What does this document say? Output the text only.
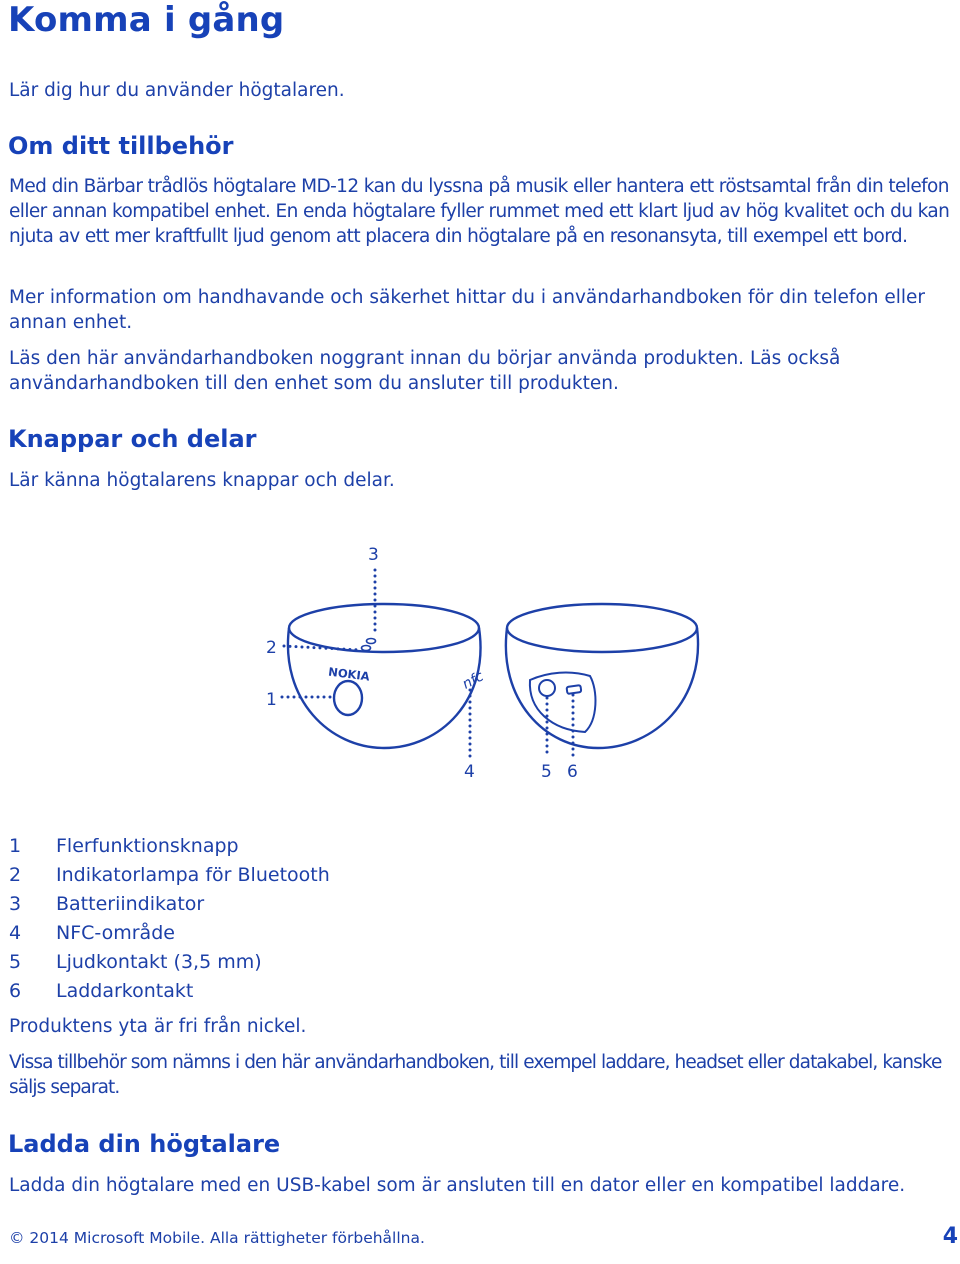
Komma i gång
Lär dig hur du använder högtalaren.
Om ditt tillbehör
Med din Bärbar trådlös högtalare MD-12 kan du lyssna på musik eller hantera ett röstsamtal från din telefon eller annan kompatibel enhet. En enda högtalare fyller rummet med ett klart ljud av hög kvalitet och du kan njuta av ett mer kraftfullt ljud genom att placera din högtalare på en resonansyta, till exempel ett bord.
Mer information om handhavande och säkerhet hittar du i användarhandboken för din telefon eller annan enhet.
Läs den här användarhandboken noggrant innan du börjar använda produkten. Läs också användarhandboken till den enhet som du ansluter till produkten.
Knappar och delar
Lär känna högtalarens knappar och delar.
NOKIA	nfc
1
2
3
4	5 6
1 Flerfunktionsknapp
2 Indikatorlampa för Bluetooth
3 Batteriindikator
4 NFC-område
5 Ljudkontakt (3,5 mm)
6 Laddarkontakt
Produktens yta är fri från nickel.
Vissa tillbehör som nämns i den här användarhandboken, till exempel laddare, headset eller datakabel, kanske säljs separat.
Ladda din högtalare
Ladda din högtalare med en USB-kabel som är ansluten till en dator eller en kompatibel laddare.
© 2014 Microsoft Mobile. Alla rättigheter förbehållna.	4
